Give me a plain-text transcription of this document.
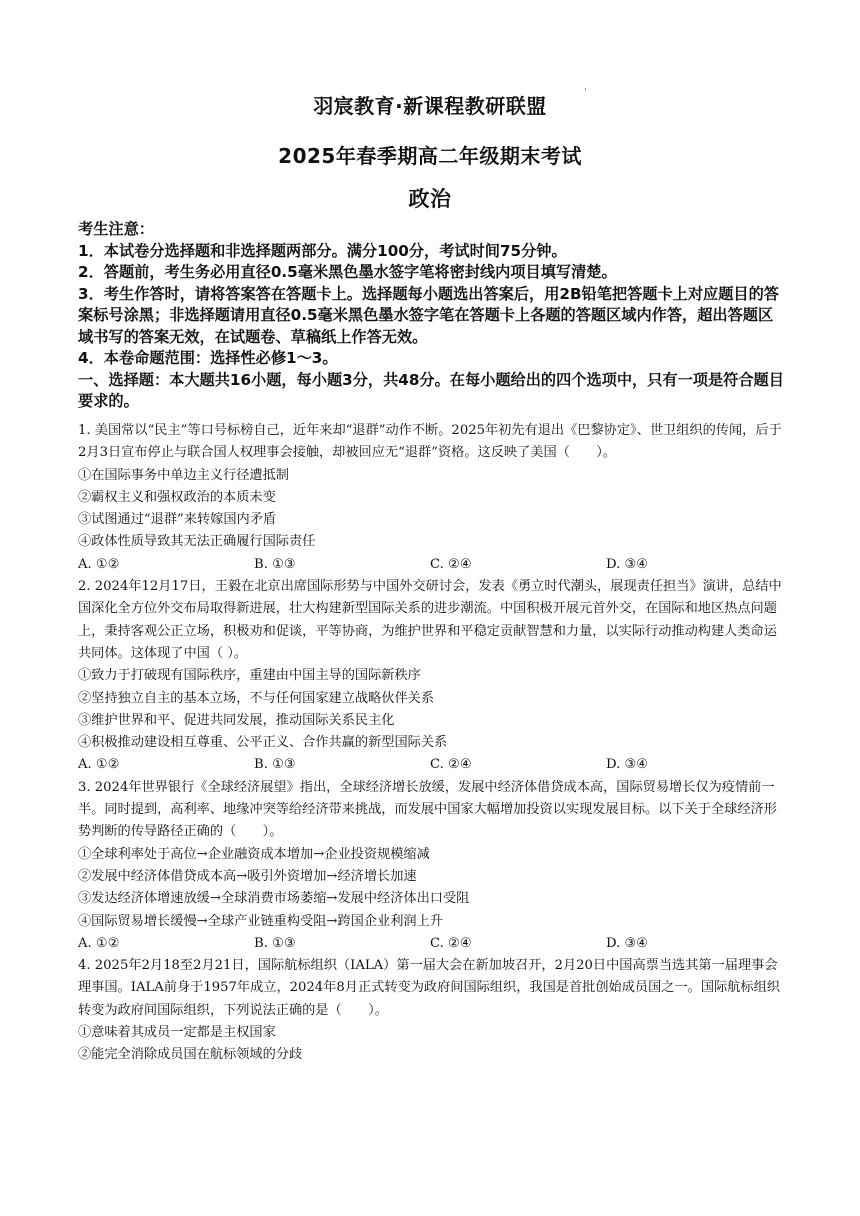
ˈ
羽宸教育·新课程教研联盟
2025年春季期高二年级期末考试
政治

考生注意：

1．本试卷分选择题和非选择题两部分。满分100分，考试时间75分钟。

2．答题前，考生务必用直径0.5毫米黑色墨水签字笔将密封线内项目填写清楚。

3．考生作答时，请将答案答在答题卡上。选择题每小题选出答案后，用2B铅笔把答题卡上对应题目的答案标号涂黑；非选择题请用直径0.5毫米黑色墨水签字笔在答题卡上各题的答题区域内作答，超出答题区域书写的答案无效，在试题卷、草稿纸上作答无效。

4．本卷命题范围：选择性必修1～3。

一、选择题：本大题共16小题，每小题3分，共48分。在每小题给出的四个选项中，只有一项是符合题目要求的。

1. 美国常以“民主”等口号标榜自己，近年来却“退群”动作不断。2025年初先有退出《巴黎协定》、世卫组织的传闻，后于2月3日宣布停止与联合国人权理事会接触，却被回应无“退群”资格。这反映了美国（　　）。

①在国际事务中单边主义行径遭抵制

②霸权主义和强权政治的本质未变

③试图通过“退群”来转嫁国内矛盾

④政体性质导致其无法正确履行国际责任

A. ①②	B. ①③	C. ②④	D. ③④

2. 2024年12月17日，王毅在北京出席国际形势与中国外交研讨会，发表《勇立时代潮头，展现责任担当》演讲，总结中国深化全方位外交布局取得新进展，壮大构建新型国际关系的进步潮流。中国积极开展元首外交，在国际和地区热点问题上，秉持客观公正立场，积极劝和促谈，平等协商，为维护世界和平稳定贡献智慧和力量，以实际行动推动构建人类命运共同体。这体现了中国（ ）。

①致力于打破现有国际秩序，重建由中国主导的国际新秩序

②坚持独立自主的基本立场，不与任何国家建立战略伙伴关系

③维护世界和平、促进共同发展，推动国际关系民主化

④积极推动建设相互尊重、公平正义、合作共赢的新型国际关系

A. ①②	B. ①③	C. ②④	D. ③④

3. 2024年世界银行《全球经济展望》指出，全球经济增长放缓，发展中经济体借贷成本高，国际贸易增长仅为疫情前一半。同时提到，高利率、地缘冲突等给经济带来挑战，而发展中国家大幅增加投资以实现发展目标。以下关于全球经济形势判断的传导路径正确的（　　）。

①全球利率处于高位→企业融资成本增加→企业投资规模缩减

②发展中经济体借贷成本高→吸引外资增加→经济增长加速

③发达经济体增速放缓→全球消费市场萎缩→发展中经济体出口受阻

④国际贸易增长缓慢→全球产业链重构受阻→跨国企业利润上升

A. ①②	B. ①③	C. ②④	D. ③④

4. 2025年2月18至2月21日，国际航标组织（IALA）第一届大会在新加坡召开，2月20日中国高票当选其第一届理事会理事国。IALA前身于1957年成立，2024年8月正式转变为政府间国际组织，我国是首批创始成员国之一。国际航标组织转变为政府间国际组织，下列说法正确的是（　　）。

①意味着其成员一定都是主权国家

②能完全消除成员国在航标领域的分歧
